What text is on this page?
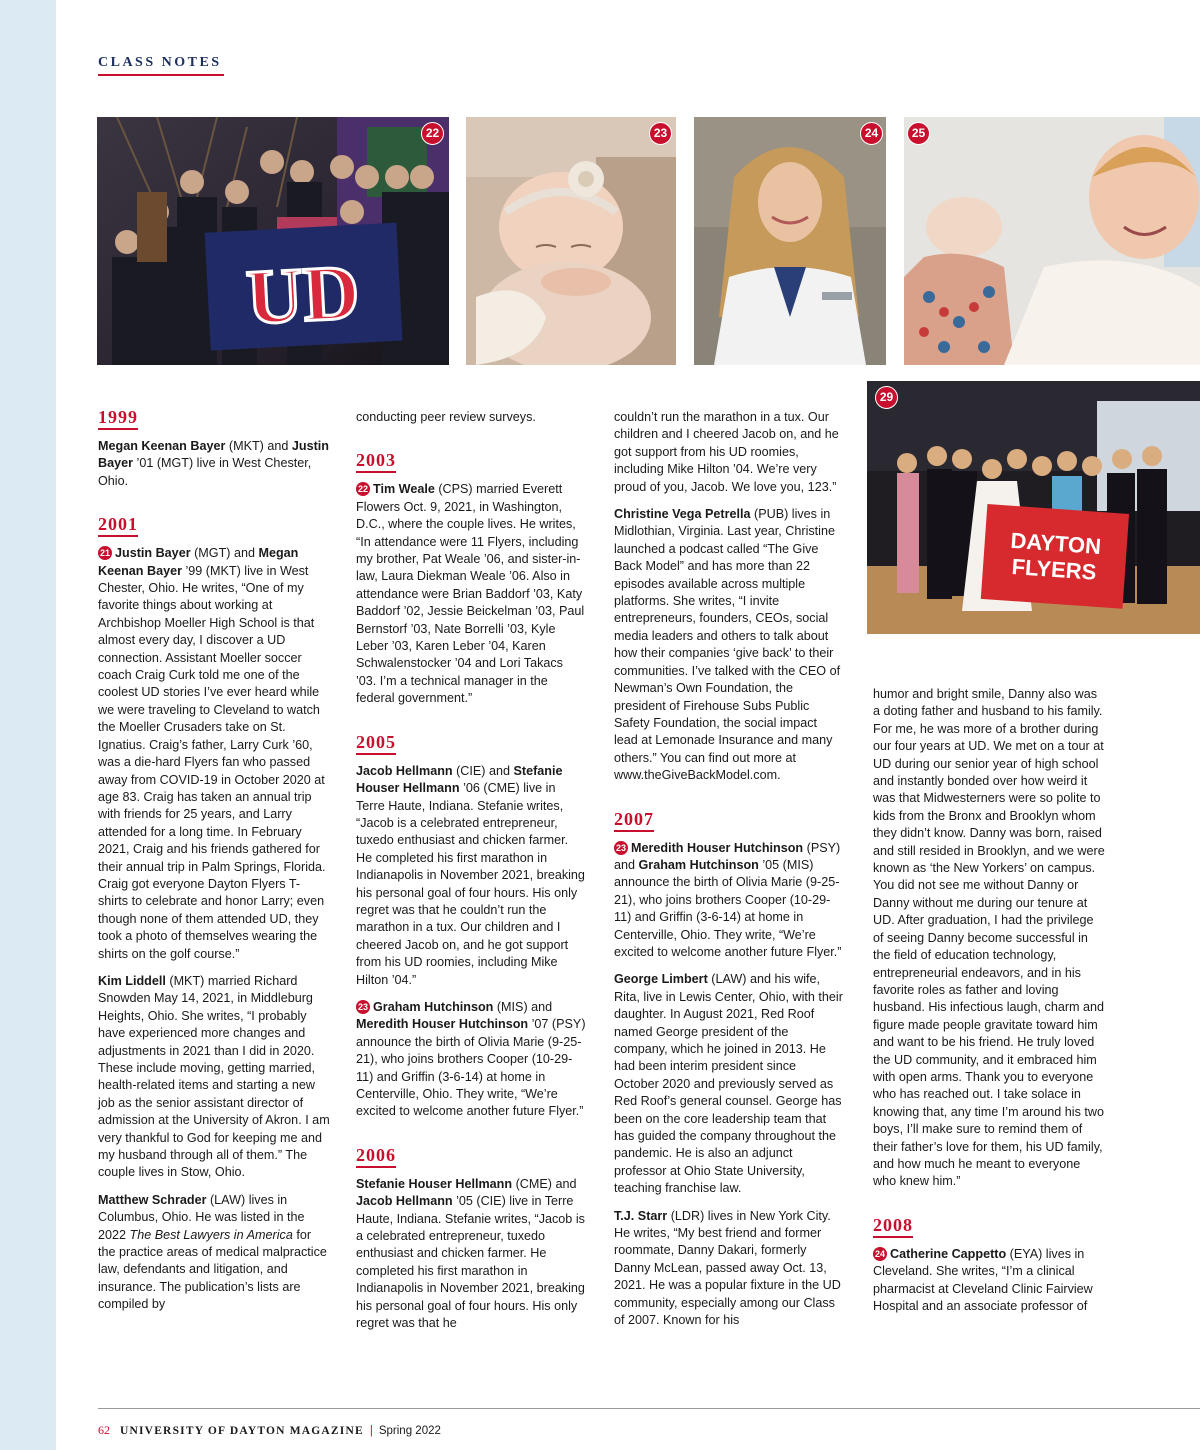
CLASS NOTES
UD
22	23	24	25
DAYTON
FLYERS
29
1999

Megan Keenan Bayer (MKT) and Justin Bayer ’01 (MGT) live in West Chester, Ohio.

2001

21 Justin Bayer (MGT) and Megan Keenan Bayer ’99 (MKT) live in West Chester, Ohio. He writes, “One of my favorite things about working at Archbishop Moeller High School is that almost every day, I discover a UD connection. Assistant Moeller soccer coach Craig Curk told me one of the coolest UD stories I’ve ever heard while we were traveling to Cleveland to watch the Moeller Crusaders take on St. Ignatius. Craig’s father, Larry Curk ’60, was a die-hard Flyers fan who passed away from COVID-19 in October 2020 at age 83. Craig has taken an annual trip with friends for 25 years, and Larry attended for a long time. In February 2021, Craig and his friends gathered for their annual trip in Palm Springs, Florida. Craig got everyone Dayton Flyers T-shirts to celebrate and honor Larry; even though none of them attended UD, they took a photo of themselves wearing the shirts on the golf course.”

Kim Liddell (MKT) married Richard Snowden May 14, 2021, in Middleburg Heights, Ohio. She writes, “I probably have experienced more changes and adjustments in 2021 than I did in 2020. These include moving, getting married, health-related items and starting a new job as the senior assistant director of admission at the University of Akron. I am very thankful to God for keeping me and my husband through all of them.” The couple lives in Stow, Ohio.

Matthew Schrader (LAW) lives in Columbus, Ohio. He was listed in the 2022 The Best Lawyers in America for the practice areas of medical malpractice law, defendants and litigation, and insurance. The publication’s lists are compiled by

conducting peer review surveys.

2003

22 Tim Weale (CPS) married Everett Flowers Oct. 9, 2021, in Washington, D.C., where the couple lives. He writes, “In attendance were 11 Flyers, including my brother, Pat Weale ’06, and sister-in-law, Laura Diekman Weale ’06. Also in attendance were Brian Baddorf ’03, Katy Baddorf ’02, Jessie Beickelman ’03, Paul Bernstorf ’03, Nate Borrelli ’03, Kyle Leber ’03, Karen Leber ’04, Karen Schwalenstocker ’04 and Lori Takacs ’03. I’m a technical manager in the federal government.”

2005

Jacob Hellmann (CIE) and Stefanie Houser Hellmann ’06 (CME) live in Terre Haute, Indiana. Stefanie writes, “Jacob is a celebrated entrepreneur, tuxedo enthusiast and chicken farmer. He completed his first marathon in Indianapolis in November 2021, breaking his personal goal of four hours. His only regret was that he couldn’t run the marathon in a tux. Our children and I cheered Jacob on, and he got support from his UD roomies, including Mike Hilton ’04.”

23 Graham Hutchinson (MIS) and Meredith Houser Hutchinson ’07 (PSY) announce the birth of Olivia Marie (9-25-21), who joins brothers Cooper (10-29-11) and Griffin (3-6-14) at home in Centerville, Ohio. They write, “We’re excited to welcome another future Flyer.”

2006

Stefanie Houser Hellmann (CME) and Jacob Hellmann ’05 (CIE) live in Terre Haute, Indiana. Stefanie writes, “Jacob is a celebrated entrepreneur, tuxedo enthusiast and chicken farmer. He completed his first marathon in Indianapolis in November 2021, breaking his personal goal of four hours. His only regret was that he

couldn’t run the marathon in a tux. Our children and I cheered Jacob on, and he got support from his UD roomies, including Mike Hilton ’04. We’re very proud of you, Jacob. We love you, 123.”

Christine Vega Petrella (PUB) lives in Midlothian, Virginia. Last year, Christine launched a podcast called “The Give Back Model” and has more than 22 episodes available across multiple platforms. She writes, “I invite entrepreneurs, founders, CEOs, social media leaders and others to talk about how their companies ‘give back’ to their communities. I’ve talked with the CEO of Newman’s Own Foundation, the president of Firehouse Subs Public Safety Foundation, the social impact lead at Lemonade Insurance and many others.” You can find out more at www.theGiveBackModel.com.

2007

23 Meredith Houser Hutchinson (PSY) and Graham Hutchinson ’05 (MIS) announce the birth of Olivia Marie (9-25-21), who joins brothers Cooper (10-29-11) and Griffin (3-6-14) at home in Centerville, Ohio. They write, “We’re excited to welcome another future Flyer.”

George Limbert (LAW) and his wife, Rita, live in Lewis Center, Ohio, with their daughter. In August 2021, Red Roof named George president of the company, which he joined in 2013. He had been interim president since October 2020 and previously served as Red Roof’s general counsel. George has been on the core leadership team that has guided the company throughout the pandemic. He is also an adjunct professor at Ohio State University, teaching franchise law.

T.J. Starr (LDR) lives in New York City. He writes, “My best friend and former roommate, Danny Dakari, formerly Danny McLean, passed away Oct. 13, 2021. He was a popular fixture in the UD community, especially among our Class of 2007. Known for his

humor and bright smile, Danny also was a doting father and husband to his family. For me, he was more of a brother during our four years at UD. We met on a tour at UD during our senior year of high school and instantly bonded over how weird it was that Midwesterners were so polite to kids from the Bronx and Brooklyn whom they didn’t know. Danny was born, raised and still resided in Brooklyn, and we were known as ‘the New Yorkers’ on campus. You did not see me without Danny or Danny without me during our tenure at UD. After graduation, I had the privilege of seeing Danny become successful in the field of education technology, entrepreneurial endeavors, and in his favorite roles as father and loving husband. His infectious laugh, charm and figure made people gravitate toward him and want to be his friend. He truly loved the UD community, and it embraced him with open arms. Thank you to everyone who has reached out. I take solace in knowing that, any time I’m around his two boys, I’ll make sure to remind them of their father’s love for them, his UD family, and how much he meant to everyone who knew him.”

2008

24 Catherine Cappetto (EYA) lives in Cleveland. She writes, “I’m a clinical pharmacist at Cleveland Clinic Fairview Hospital and an associate professor of

62 UNIVERSITY OF DAYTON MAGAZINE | Spring 2022
